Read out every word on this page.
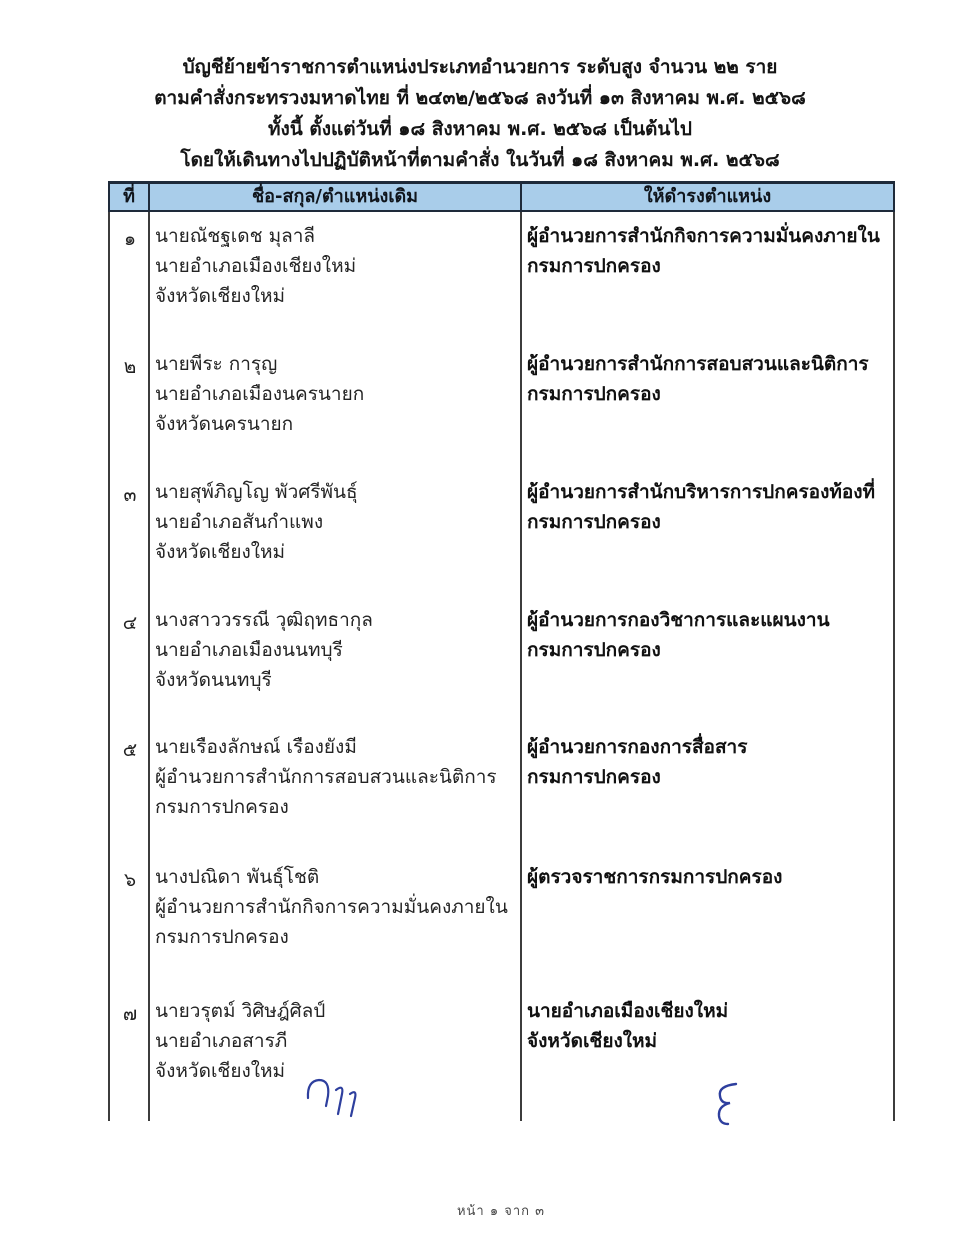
บัญชีย้ายข้าราชการตำแหน่งประเภทอำนวยการ ระดับสูง จำนวน ๒๒ ราย
ตามคำสั่งกระทรวงมหาดไทย ที่ ๒๔๓๒/๒๕๖๘ ลงวันที่ ๑๓ สิงหาคม พ.ศ. ๒๕๖๘
ทั้งนี้ ตั้งแต่วันที่ ๑๘ สิงหาคม พ.ศ. ๒๕๖๘ เป็นต้นไป
โดยให้เดินทางไปปฏิบัติหน้าที่ตามคำสั่ง ในวันที่ ๑๘ สิงหาคม พ.ศ. ๒๕๖๘
ที่	ชื่อ-สกุล/ตำแหน่งเดิม	ให้ดำรงตำแหน่ง
๑ นายณัชฐเดช มุลาลี
นายอำเภอเมืองเชียงใหม่
จังหวัดเชียงใหม่
ผู้อำนวยการสำนักกิจการความมั่นคงภายใน
กรมการปกครอง
๒ นายพีระ การุญ
นายอำเภอเมืองนครนายก
จังหวัดนครนายก
ผู้อำนวยการสำนักการสอบสวนและนิติการ
กรมการปกครอง
๓ นายสุพ์ภิญโญ พัวศรีพันธุ์
นายอำเภอสันกำแพง
จังหวัดเชียงใหม่
ผู้อำนวยการสำนักบริหารการปกครองท้องที่
กรมการปกครอง
๔ นางสาววรรณี วุฒิฤทธากุล
นายอำเภอเมืองนนทบุรี
จังหวัดนนทบุรี
ผู้อำนวยการกองวิชาการและแผนงาน
กรมการปกครอง
๕ นายเรืองลักษณ์ เรืองยังมี
ผู้อำนวยการสำนักการสอบสวนและนิติการ
กรมการปกครอง
ผู้อำนวยการกองการสื่อสาร
กรมการปกครอง
๖ นางปณิดา พันธุ์โชติ
ผู้อำนวยการสำนักกิจการความมั่นคงภายใน
กรมการปกครอง
ผู้ตรวจราชการกรมการปกครอง
๗ นายวรุตม์ วิศิษฎ์ศิลป์
นายอำเภอสารภี
จังหวัดเชียงใหม่
นายอำเภอเมืองเชียงใหม่
จังหวัดเชียงใหม่
หน้า ๑ จาก ๓
